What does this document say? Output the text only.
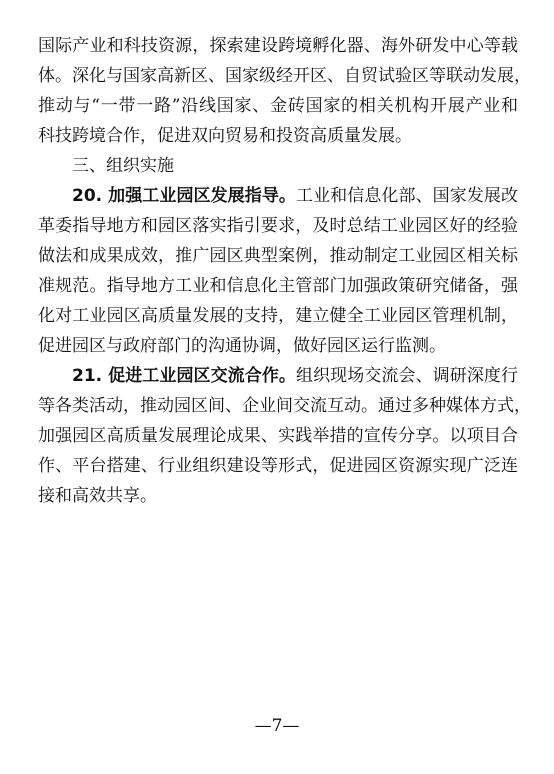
国际产业和科技资源，探索建设跨境孵化器、海外研发中心等载
体。深化与国家高新区、国家级经开区、自贸试验区等联动发展，
推动与“一带一路”沿线国家、金砖国家的相关机构开展产业和
科技跨境合作，促进双向贸易和投资高质量发展。
三、组织实施
20. 加强工业园区发展指导。工业和信息化部、国家发展改
革委指导地方和园区落实指引要求，及时总结工业园区好的经验
做法和成果成效，推广园区典型案例，推动制定工业园区相关标
准规范。指导地方工业和信息化主管部门加强政策研究储备，强
化对工业园区高质量发展的支持，建立健全工业园区管理机制，
促进园区与政府部门的沟通协调，做好园区运行监测。
21. 促进工业园区交流合作。组织现场交流会、调研深度行
等各类活动，推动园区间、企业间交流互动。通过多种媒体方式，
加强园区高质量发展理论成果、实践举措的宣传分享。以项目合
作、平台搭建、行业组织建设等形式，促进园区资源实现广泛连
接和高效共享。
—7—
